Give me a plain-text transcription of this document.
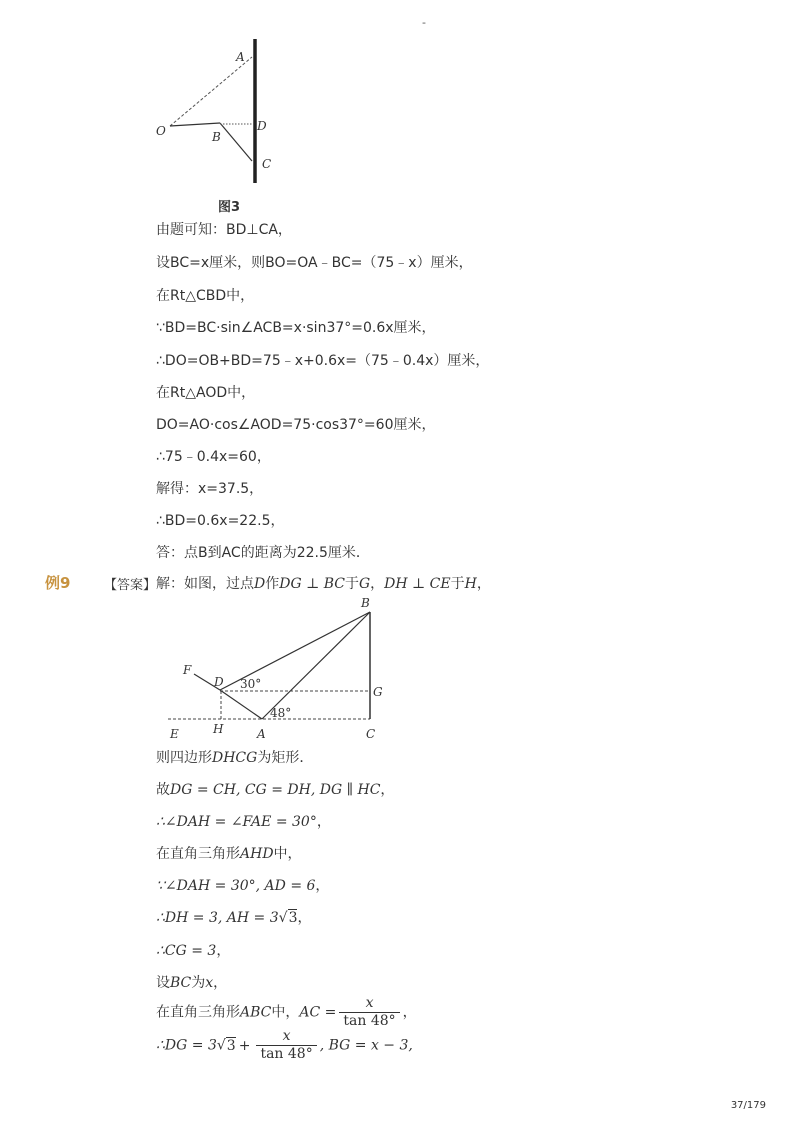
-
A
O	B
D
C
图3
由题可知：BD⊥CA，
设BC=x厘米，则BO=OA﹣BC=（75﹣x）厘米，
在Rt△CBD中，
∵BD=BC·sin∠ACB=x·sin37°=0.6x厘米，
∴DO=OB+BD=75﹣x+0.6x=（75﹣0.4x）厘米，
在Rt△AOD中，
DO=AO·cos∠AOD=75·cos37°=60厘米，
∴75﹣0.4x=60，
解得：x=37.5，
∴BD=0.6x=22.5，
答：点B到AC的距离为22.5厘米．
例9	【答案】 解：如图，过点D作DG ⊥ BC于G，DH ⊥ CE于H，
B
F
D
G
E	H	A	C
30°
48°
则四边形DHCG为矩形．
故DG = CH, CG = DH, DG ∥ HC，
∴∠DAH = ∠FAE = 30°，
在直角三角形AHD中，
∵∠DAH = 30°, AD = 6，
∴DH = 3, AH = 3√3，
∴CG = 3，
设BC为x，
在直角三角形ABC中，AC = $\frac{x}{\tan 48^\circ}$ ，
∴DG = $3√3 + \frac{x}{\tan 48^\circ}$ , BG = x − 3,
37/179
